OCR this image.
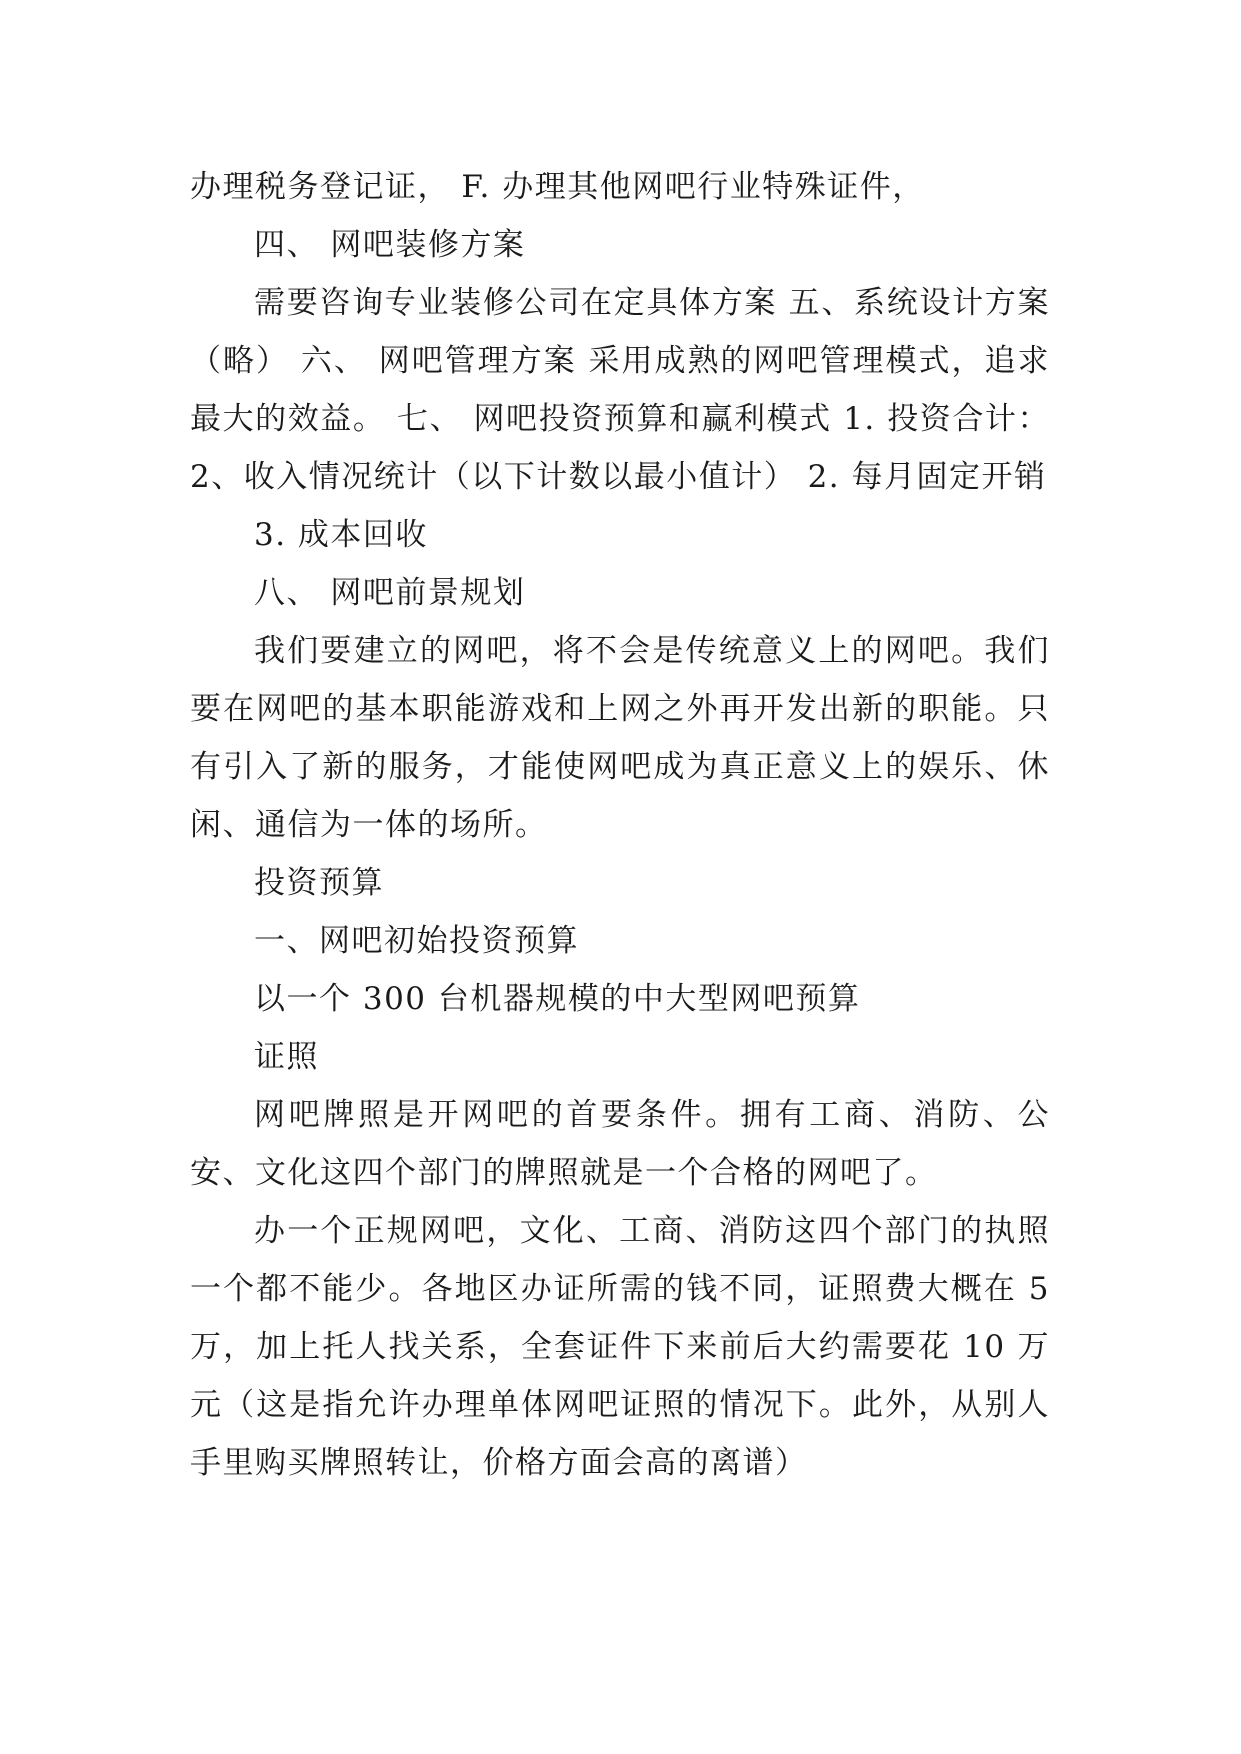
办理税务登记证， F. 办理其他网吧行业特殊证件，

四、 网吧装修方案

需要咨询专业装修公司在定具体方案 五、系统设计方案 （略） 六、 网吧管理方案 采用成熟的网吧管理模式，追求最大的效益。 七、 网吧投资预算和赢利模式 1. 投资合计： 2、收入情况统计（以下计数以最小值计） 2. 每月固定开销

3. 成本回收

八、 网吧前景规划

我们要建立的网吧，将不会是传统意义上的网吧。我们要在网吧的基本职能游戏和上网之外再开发出新的职能。只有引入了新的服务，才能使网吧成为真正意义上的娱乐、休闲、通信为一体的场所。

投资预算

一、网吧初始投资预算

以一个 300 台机器规模的中大型网吧预算

证照

网吧牌照是开网吧的首要条件。拥有工商、消防、公安、文化这四个部门的牌照就是一个合格的网吧了。

办一个正规网吧，文化、工商、消防这四个部门的执照一个都不能少。各地区办证所需的钱不同，证照费大概在 5 万，加上托人找关系，全套证件下来前后大约需要花 10 万元（这是指允许办理单体网吧证照的情况下。此外，从别人手里购买牌照转让，价格方面会高的离谱）
